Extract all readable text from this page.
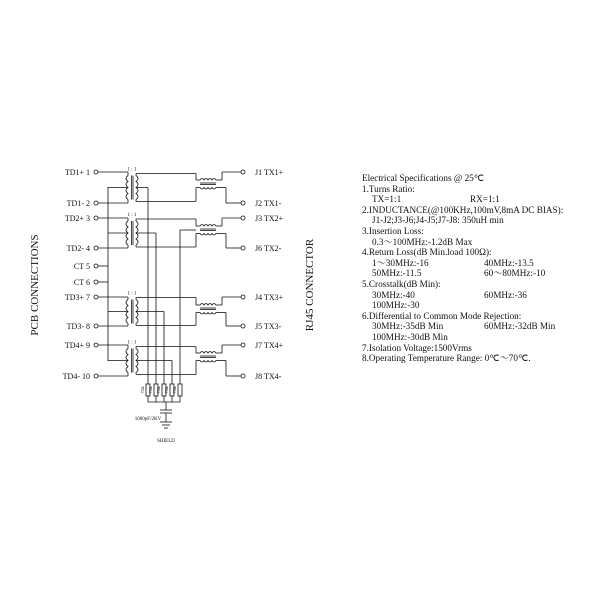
TD1+ 1
TD1- 2
TD2+ 3
TD2- 4
CT 5
CT 6
TD3+ 7
TD3- 8
TD4+ 9
TD4- 10
J1 TX1+
J2 TX1-
J3 TX2+
J6 TX2-
J4 TX3+
J5 TX3-
J7 TX4+
J8 TX4-
1 : 1
1 : 1
1 : 1
1 : 1
75Ω 75Ω 75Ω 75Ω 75Ω
PCB CONNECTIONS	RJ45 CONNECTOR
1000pF/2KV
SHIELD
Electrical Specifications @ 25℃
1.Turns Ratio:
TX=1:1	RX=1:1
2.INDUCTANCE(@100KHz,100mV,8mA DC BIAS):
J1-J2;J3-J6;J4-J5;J7-J8: 350uH min
3.Insertion Loss:
0.3～100MHz:-1.2dB Max
4.Return Loss(dB Min.load 100Ω):
1～30MHz:-16	40MHz:-13.5
50MHz:-11.5	60～80MHz:-10
5.Crosstalk(dB Min):
30MHz:-40	60MHz:-36
100MHz:-30
6.Differential to Common Mode Rejection:
30MHz:-35dB Min	60MHz:-32dB Min
100MHz:-30dB Min
7.Isolation Voltage:1500Vrms
8.Operating Temperature Range: 0℃～70℃.
